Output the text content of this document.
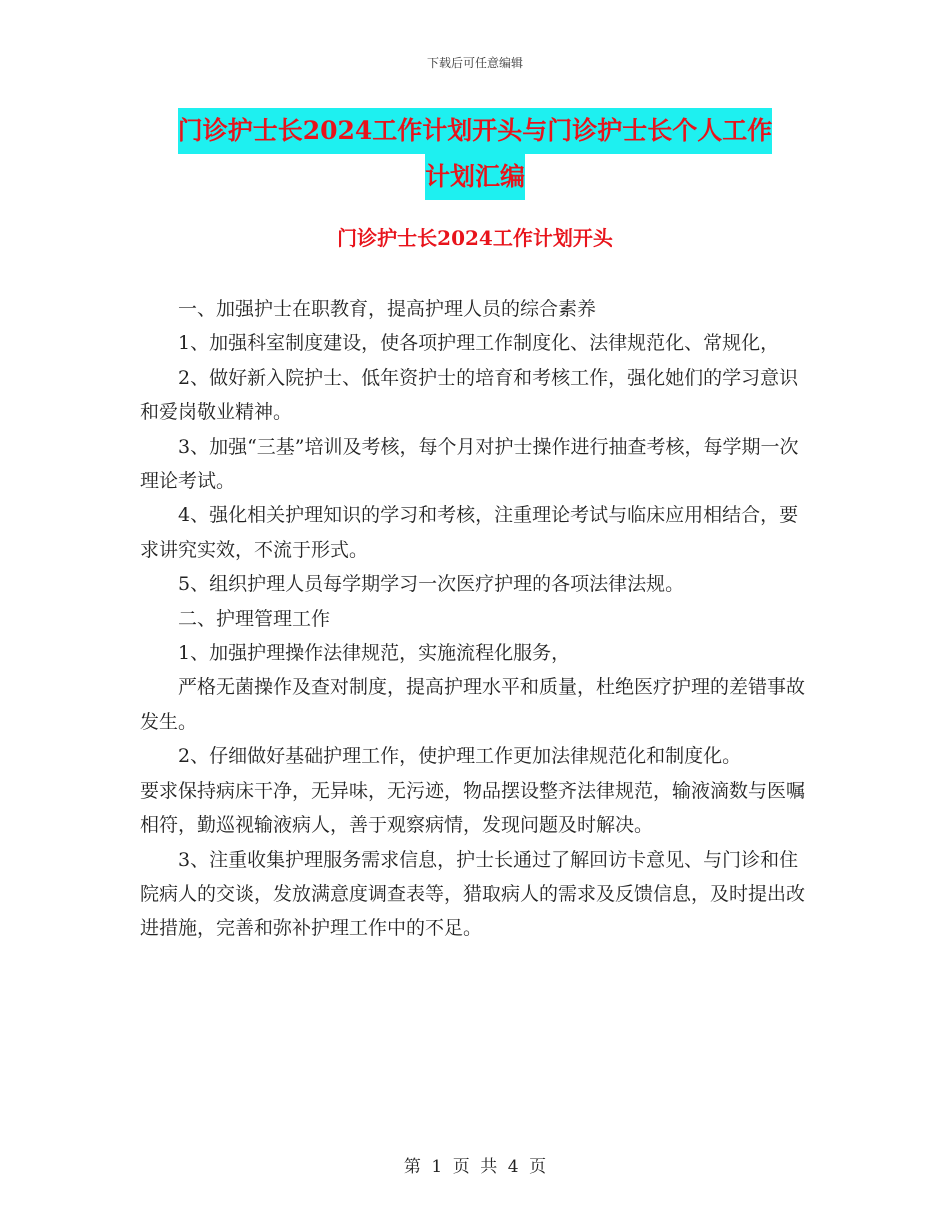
下载后可任意编辑
门诊护士长2024工作计划开头与门诊护士长个人工作
计划汇编
门诊护士长2024工作计划开头

一、加强护士在职教育，提高护理人员的综合素养

1、加强科室制度建设，使各项护理工作制度化、法律规范化、常规化，

2、做好新入院护士、低年资护士的培育和考核工作，强化她们的学习意识和爱岗敬业精神。

3、加强“三基”培训及考核，每个月对护士操作进行抽查考核，每学期一次理论考试。

4、强化相关护理知识的学习和考核，注重理论考试与临床应用相结合，要求讲究实效，不流于形式。

5、组织护理人员每学期学习一次医疗护理的各项法律法规。

二、护理管理工作

1、加强护理操作法律规范，实施流程化服务，

严格无菌操作及查对制度，提高护理水平和质量，杜绝医疗护理的差错事故发生。

2、仔细做好基础护理工作，使护理工作更加法律规范化和制度化。

要求保持病床干净，无异味，无污迹，物品摆设整齐法律规范，输液滴数与医嘱相符，勤巡视输液病人，善于观察病情，发现问题及时解决。

3、注重收集护理服务需求信息，护士长通过了解回访卡意见、与门诊和住院病人的交谈，发放满意度调查表等，猎取病人的需求及反馈信息，及时提出改进措施，完善和弥补护理工作中的不足。

第 1 页 共 4 页
